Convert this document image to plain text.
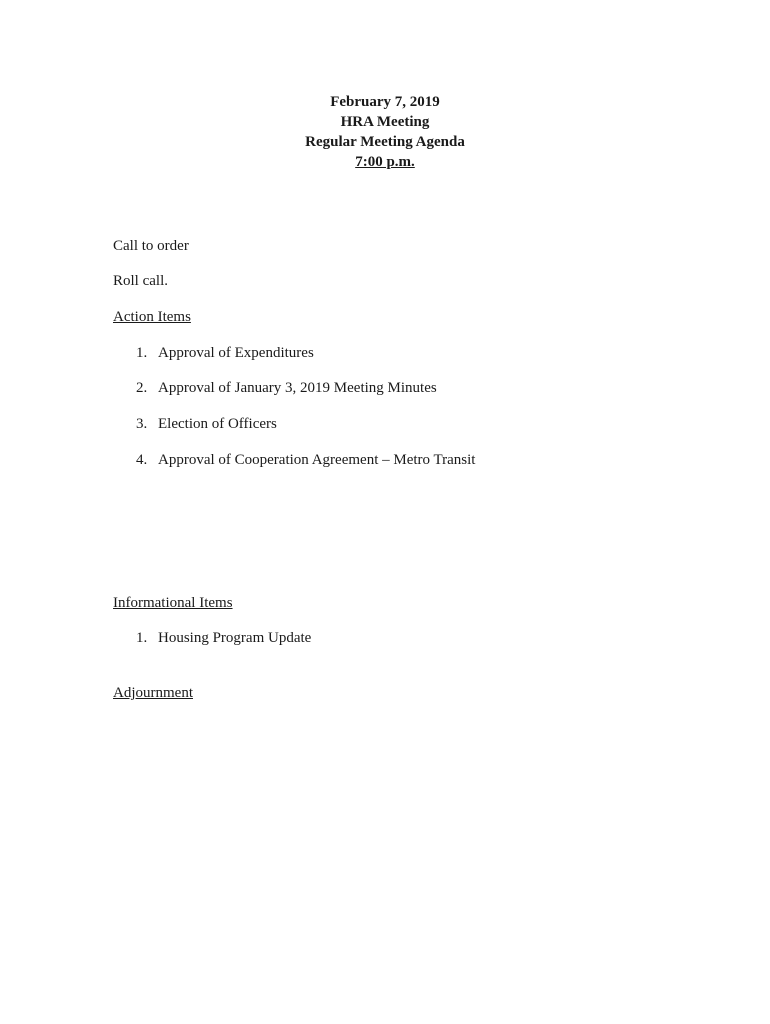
February 7, 2019
HRA Meeting
Regular Meeting Agenda
7:00 p.m.
Call to order
Roll call.
Action Items
1. Approval of Expenditures
2. Approval of January 3, 2019 Meeting Minutes
3. Election of Officers
4. Approval of Cooperation Agreement – Metro Transit
Informational Items
1. Housing Program Update
Adjournment
